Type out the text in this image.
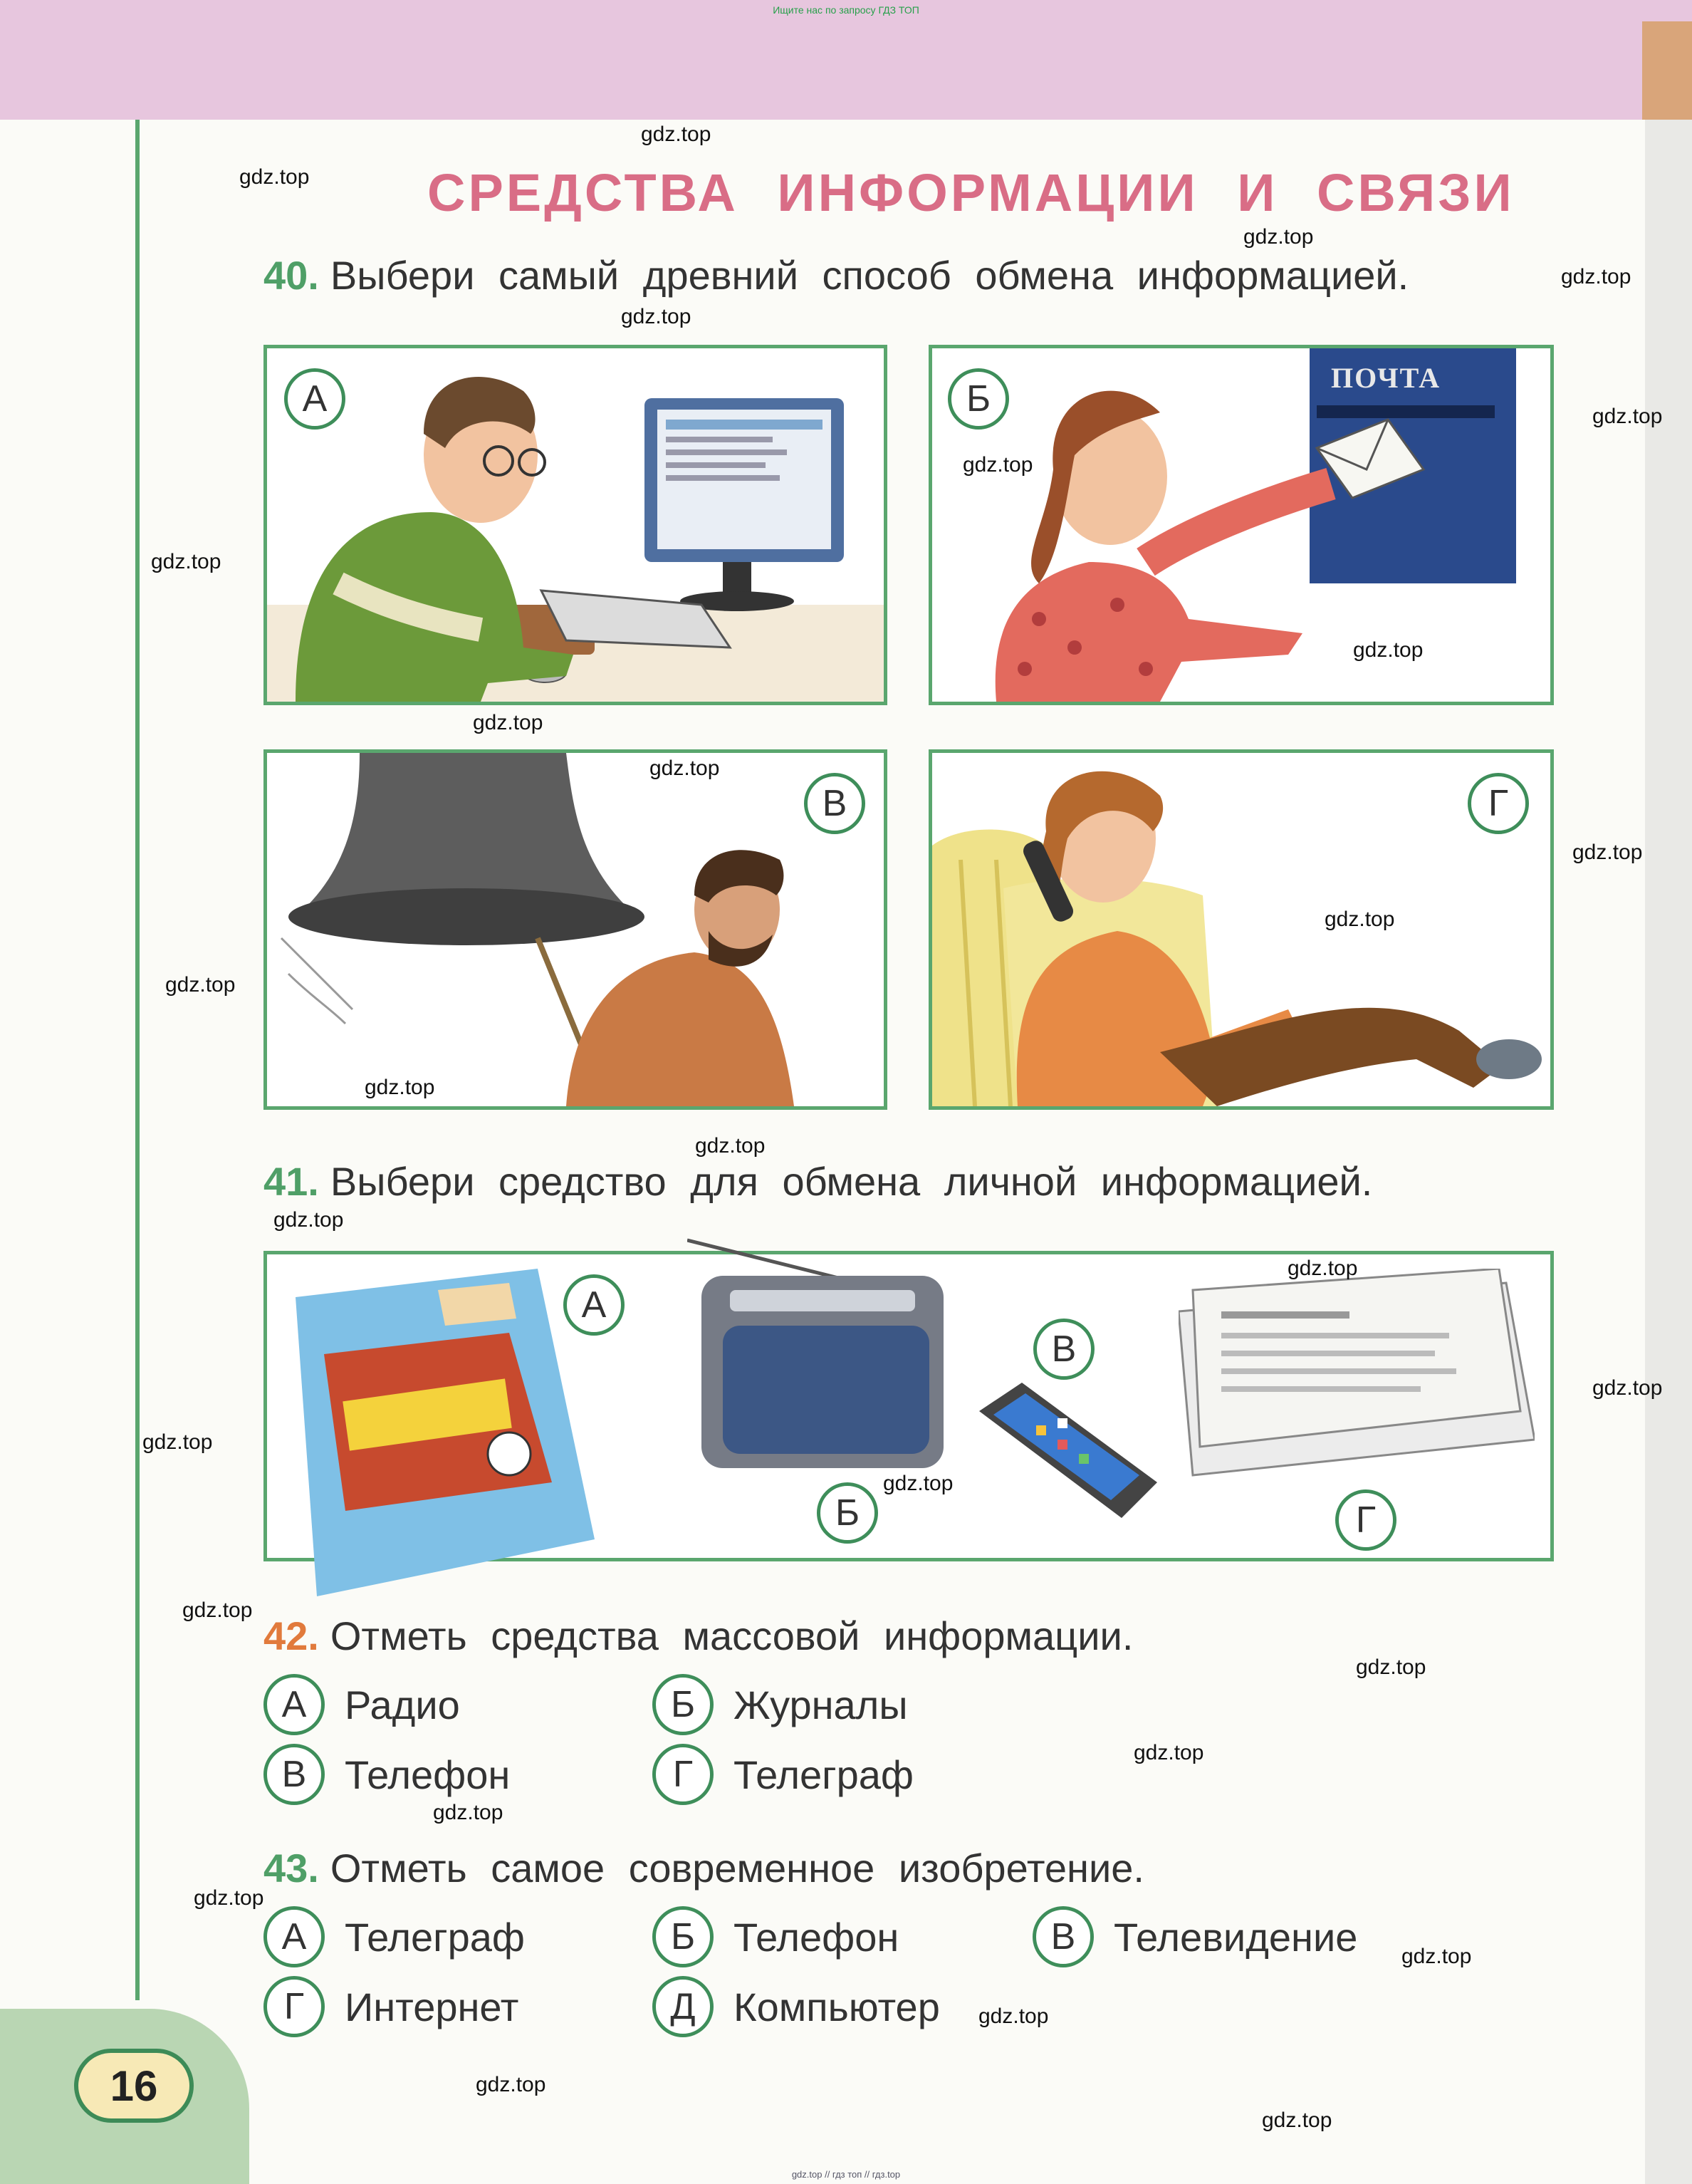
Ищите нас по запросу ГДЗ ТОП
16
СРЕДСТВА ИНФОРМАЦИИ И СВЯЗИ
40. Выбери самый древний способ обмена информацией.
А	Б
ПОЧТА
В	Г
41. Выбери средство для обмена личной информацией.
А
Б
В
Г
42. Отметь средства массовой информации.
А Радио	Б Журналы
В Телефон	Г	Телеграф
43. Отметь самое современное изобретение.
А Телеграф	Б Телефон	В Телевидение
Г	Интернет	Д Компьютер
gdz.top
gdz.top
gdz.top
gdz.top
gdz.top
gdz.top
gdz.top
gdz.top
gdz.top
gdz.top
gdz.top
gdz.top
gdz.top
gdz.top
gdz.top
gdz.top
gdz.top
gdz.top
gdz.top
gdz.top
gdz.top
gdz.top
gdz.top
gdz.top
gdz.top
gdz.top
gdz.top
gdz.top
gdz.top
gdz.top
gdz.top // гдз топ // гдз.top
